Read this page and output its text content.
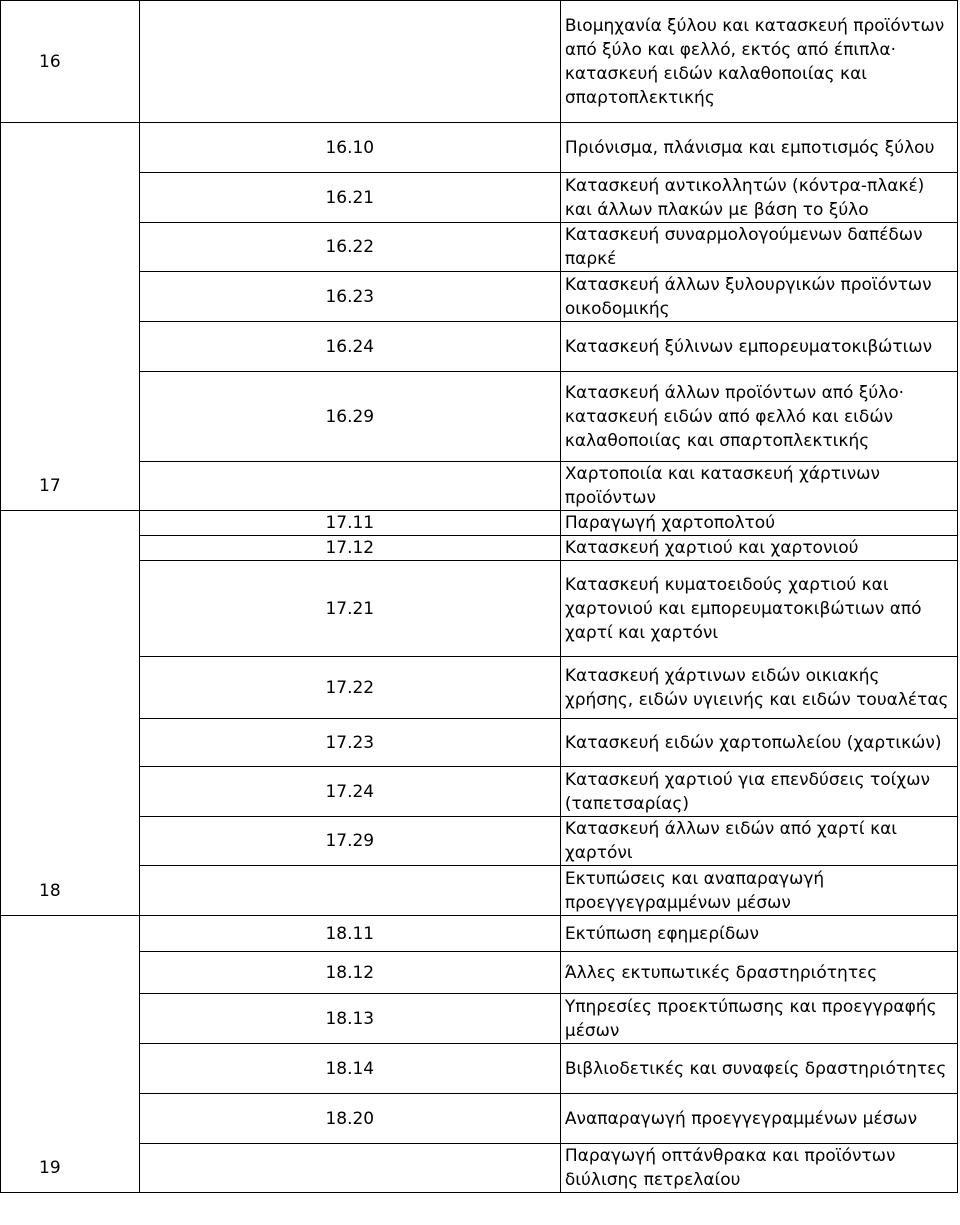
16		Βιομηχανία ξύλου και κατασκευή προϊόντων από ξύλο και φελλό, εκτός από έπιπλα· κατασκευή ειδών καλαθοποιίας και σπαρτοπλεκτικής
	16.10	Πριόνισμα, πλάνισμα και εμποτισμός ξύλου
	16.21	Κατασκευή αντικολλητών (κόντρα-πλακέ) και άλλων πλακών με βάση το ξύλο
	16.22	Κατασκευή συναρμολογούμενων δαπέδων παρκέ
	16.23	Κατασκευή άλλων ξυλουργικών προϊόντων οικοδομικής
	16.24	Κατασκευή ξύλινων εμπορευματοκιβώτιων
	16.29	Κατασκευή άλλων προϊόντων από ξύλο· κατασκευή ειδών από φελλό και ειδών καλαθοποιίας και σπαρτοπλεκτικής
17		Χαρτοποιία και κατασκευή χάρτινων προϊόντων
	17.11	Παραγωγή χαρτοπολτού
	17.12	Κατασκευή χαρτιού και χαρτονιού
	17.21	Κατασκευή κυματοειδούς χαρτιού και χαρτονιού και εμπορευματοκιβώτιων από χαρτί και χαρτόνι
	17.22	Κατασκευή χάρτινων ειδών οικιακής χρήσης, ειδών υγιεινής και ειδών τουαλέτας
	17.23	Κατασκευή ειδών χαρτοπωλείου (χαρτικών)
	17.24	Κατασκευή χαρτιού για επενδύσεις τοίχων (ταπετσαρίας)
	17.29	Κατασκευή άλλων ειδών από χαρτί και χαρτόνι
18		Εκτυπώσεις και αναπαραγωγή προεγγεγραμμένων μέσων
	18.11	Εκτύπωση εφημερίδων
	18.12	Άλλες εκτυπωτικές δραστηριότητες
	18.13	Υπηρεσίες προεκτύπωσης και προεγγραφής μέσων
	18.14	Βιβλιοδετικές και συναφείς δραστηριότητες
	18.20	Αναπαραγωγή προεγγεγραμμένων μέσων
19		Παραγωγή οπτάνθρακα και προϊόντων διύλισης πετρελαίου
